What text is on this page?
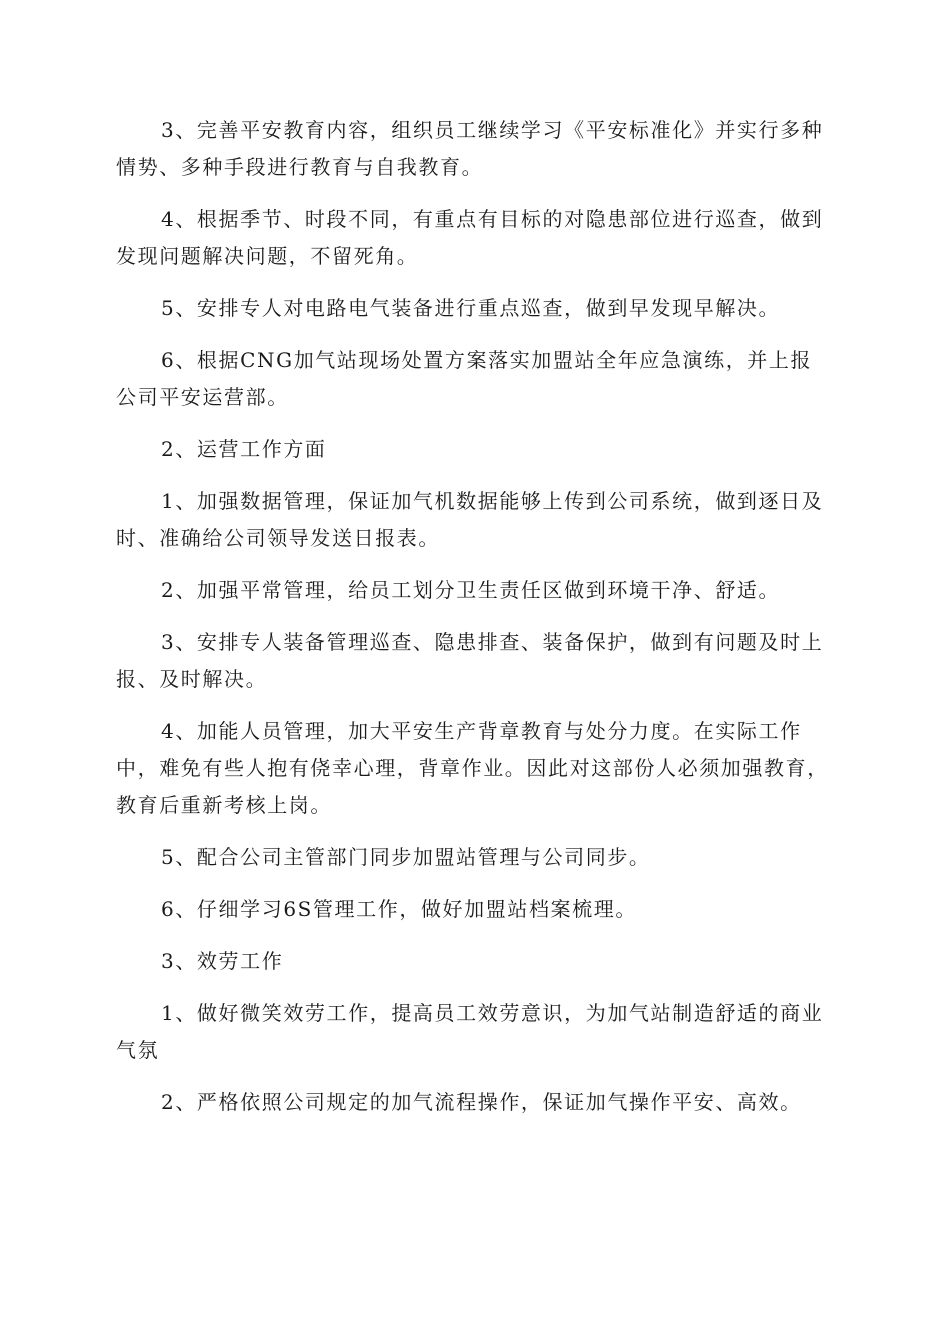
3、完善平安教育内容，组织员工继续学习《平安标准化》并实行多种情势、多种手段进行教育与自我教育。

4、根据季节、时段不同，有重点有目标的对隐患部位进行巡查，做到发现问题解决问题，不留死角。

5、安排专人对电路电气装备进行重点巡查，做到早发现早解决。

6、根据CNG加气站现场处置方案落实加盟站全年应急演练，并上报公司平安运营部。

2、运营工作方面

1、加强数据管理，保证加气机数据能够上传到公司系统，做到逐日及时、准确给公司领导发送日报表。

2、加强平常管理，给员工划分卫生责任区做到环境干净、舒适。

3、安排专人装备管理巡查、隐患排查、装备保护，做到有问题及时上报、及时解决。

4、加能人员管理，加大平安生产背章教育与处分力度。在实际工作中，难免有些人抱有侥幸心理，背章作业。因此对这部份人必须加强教育，教育后重新考核上岗。

5、配合公司主管部门同步加盟站管理与公司同步。

6、仔细学习6S管理工作，做好加盟站档案梳理。

3、效劳工作

1、做好微笑效劳工作，提高员工效劳意识，为加气站制造舒适的商业气氛

2、严格依照公司规定的加气流程操作，保证加气操作平安、高效。
